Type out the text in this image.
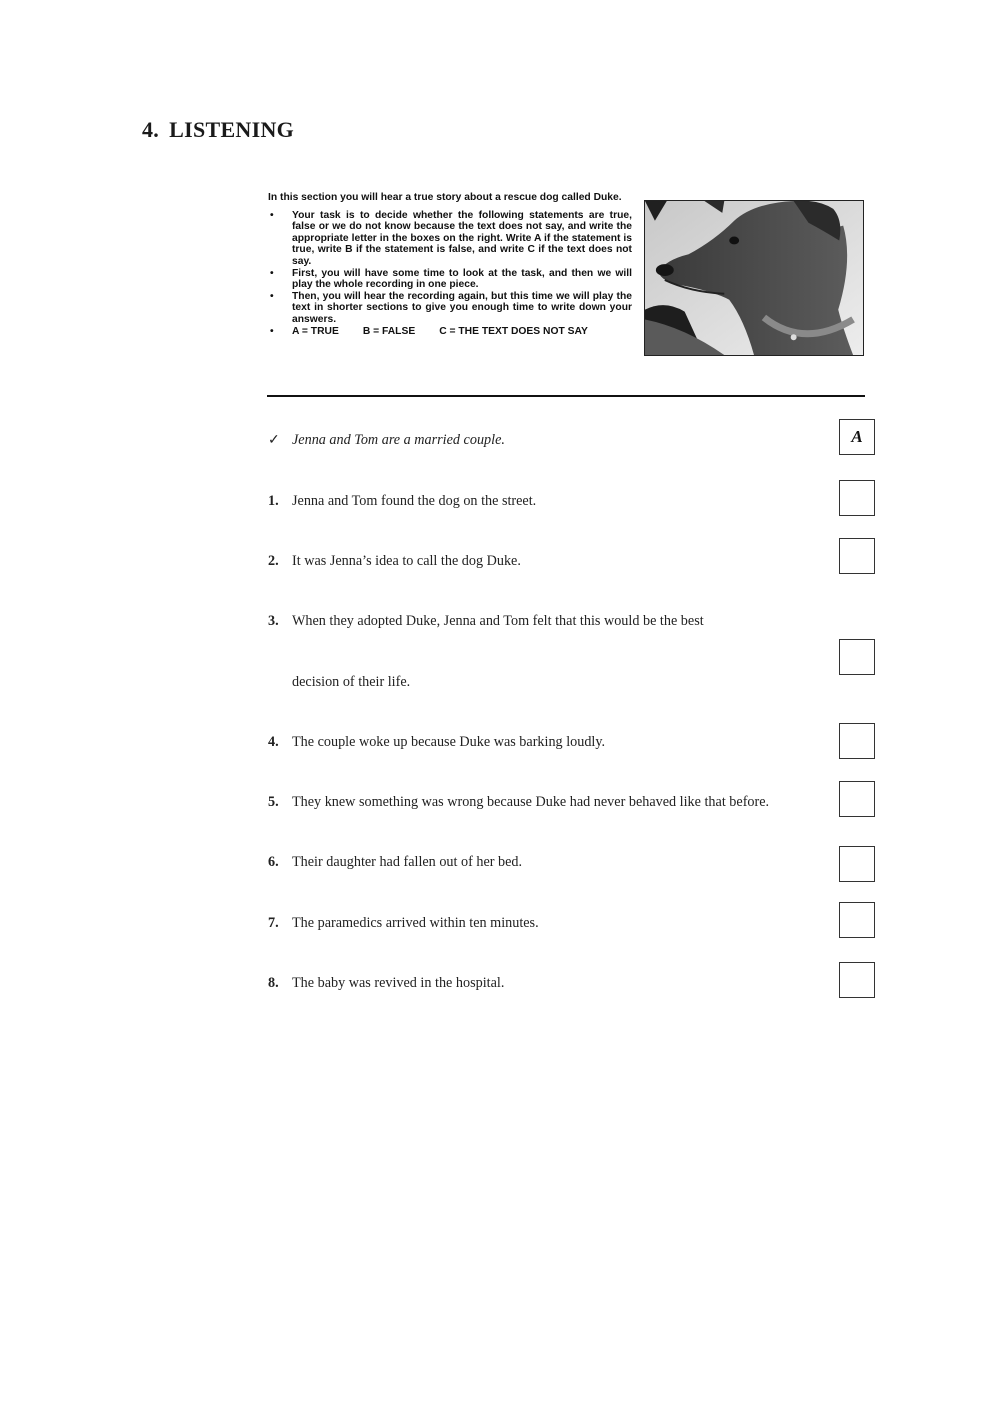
4. LISTENING

In this section you will hear a true story about a rescue dog called Duke.

• Your task is to decide whether the following statements are true, false or we do not know because the text does not say, and write the appropriate letter in the boxes on the right. Write A if the statement is true, write B if the statement is false, and write C if the text does not say.
• First, you will have some time to look at the task, and then we will play the whole recording in one piece.
• Then, you will hear the recording again, but this time we will play the text in shorter sections to give you enough time to write down your answers.
• A = TRUE B = FALSE C = THE TEXT DOES NOT SAY
✓ Jenna and Tom are a married couple.	A
1. Jenna and Tom found the dog on the street.
2. It was Jenna’s idea to call the dog Duke.
3. When they adopted Duke, Jenna and Tom felt that this would be the best
decision of their life.
4. The couple woke up because Duke was barking loudly.
5. They knew something was wrong because Duke had never behaved like that before.
6. Their daughter had fallen out of her bed.
7. The paramedics arrived within ten minutes.
8. The baby was revived in the hospital.
